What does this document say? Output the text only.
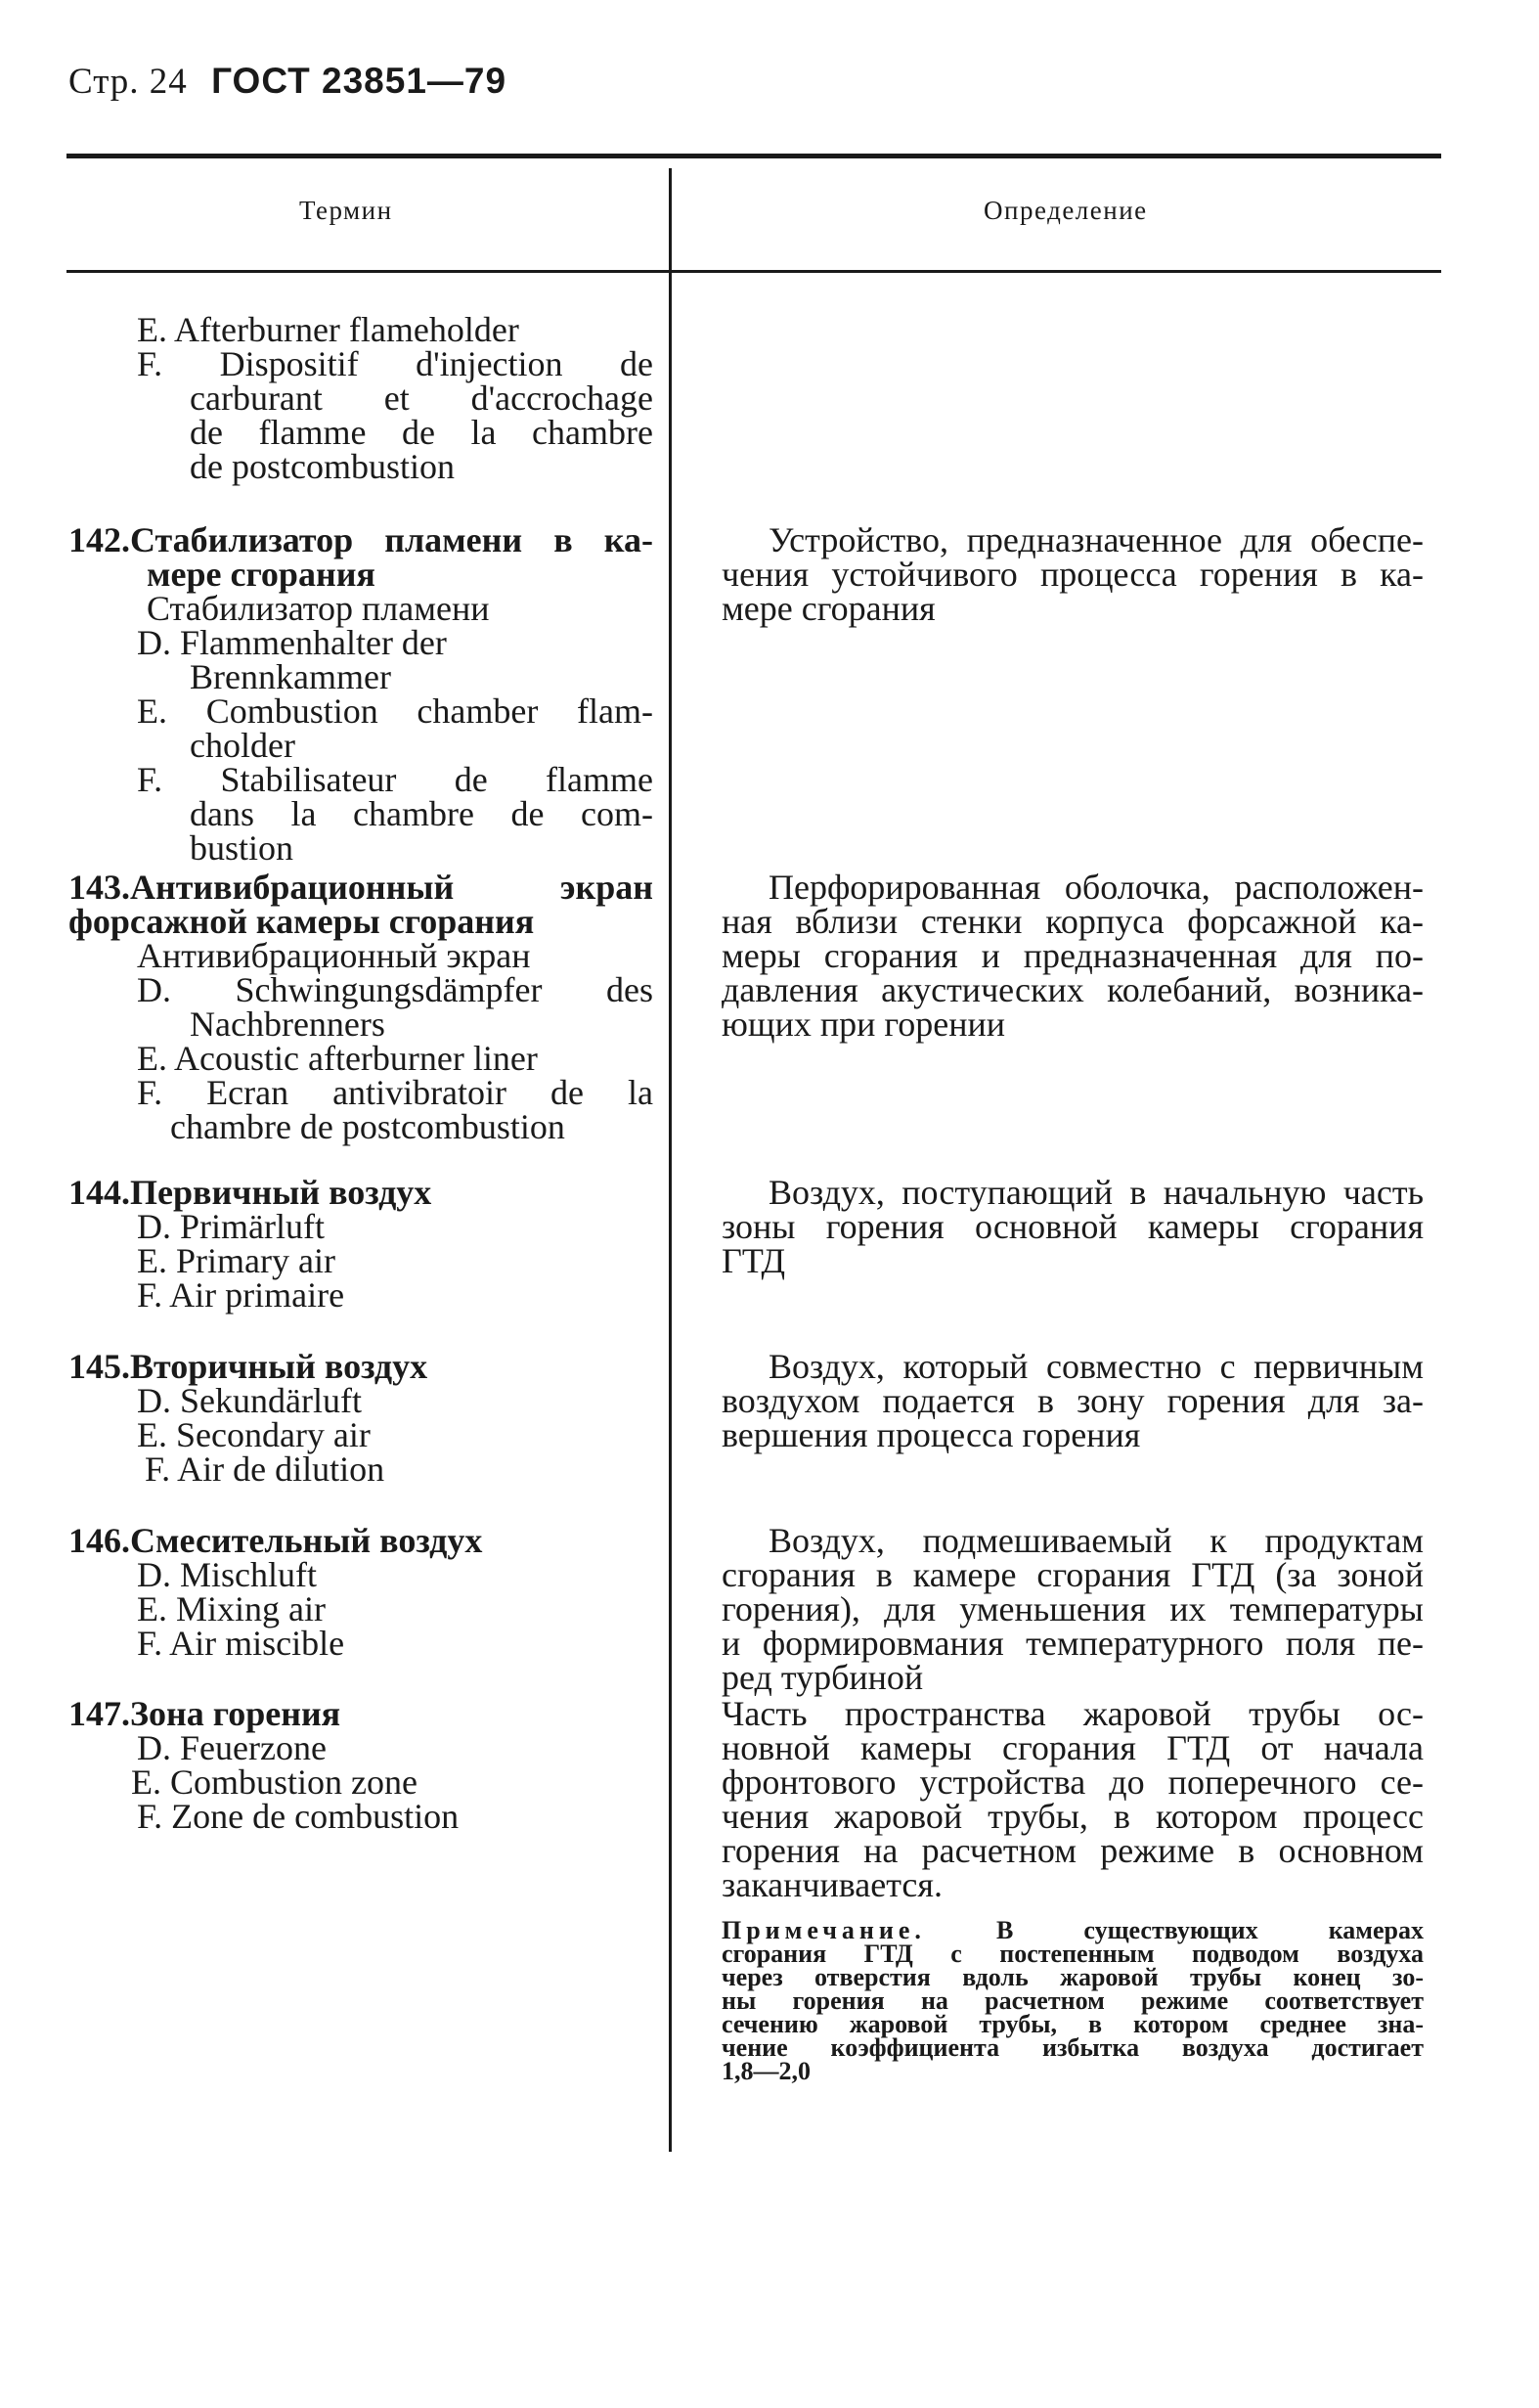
Стр. 24 ГОСТ 23851—79
Термин	Определение
E. Afterburner flameholder
F. Dispositif d'injection de
carburant et d'accrochage
de flamme de la chambre
de postcombustion
142.Стабилизатор пламени в ка-
мере сгорания
Стабилизатор пламени
D. Flammenhalter der
Brennkammer
E. Combustion chamber flam-
cholder
F. Stabilisateur de flamme
dans la chambre de com-
bustion
Устройство, предназначенное для обеспе-
чения устойчивого процесса горения в ка-
мере сгорания
143.Антивибрационный экран
форсажной камеры сгорания
Антивибрационный экран
D. Schwingungsdämpfer des
Nachbrenners
E. Acoustic afterburner liner
F. Ecran antivibratoir de la
chambre de postcombustion
Перфорированная оболочка, расположен-
ная вблизи стенки корпуса форсажной ка-
меры сгорания и предназначенная для по-
давления акустических колебаний, возника-
ющих при горении
144.Первичный воздух
D. Primärluft
E. Primary air
F. Air primaire
Воздух, поступающий в начальную часть
зоны горения основной камеры сгорания
ГТД
145.Вторичный воздух
D. Sekundärluft
E. Secondary air
F. Air de dilution
Воздух, который совместно с первичным
воздухом подается в зону горения для за-
вершения процесса горения
146.Смесительный воздух
D. Mischluft
E. Mixing air
F. Air miscible
Воздух, подмешиваемый к продуктам
сгорания в камере сгорания ГТД (за зоной
горения), для уменьшения их температуры
и формировмания температурного поля пе-
ред турбиной
147.Зона горения
D. Feuerzone
E. Combustion zone
F. Zone de combustion
Часть пространства жаровой трубы ос-
новной камеры сгорания ГТД от начала
фронтового устройства до поперечного се-
чения жаровой трубы, в котором процесс
горения на расчетном режиме в основном
заканчивается.
Примечание.	В существующих камерах
сгорания ГТД с постепенным подводом воздуха
через отверстия вдоль жаровой трубы конец зо-
ны горения на расчетном режиме соответствует
сечению жаровой трубы, в котором среднее зна-
чение коэффициента избытка воздуха достигает
1,8—2,0
